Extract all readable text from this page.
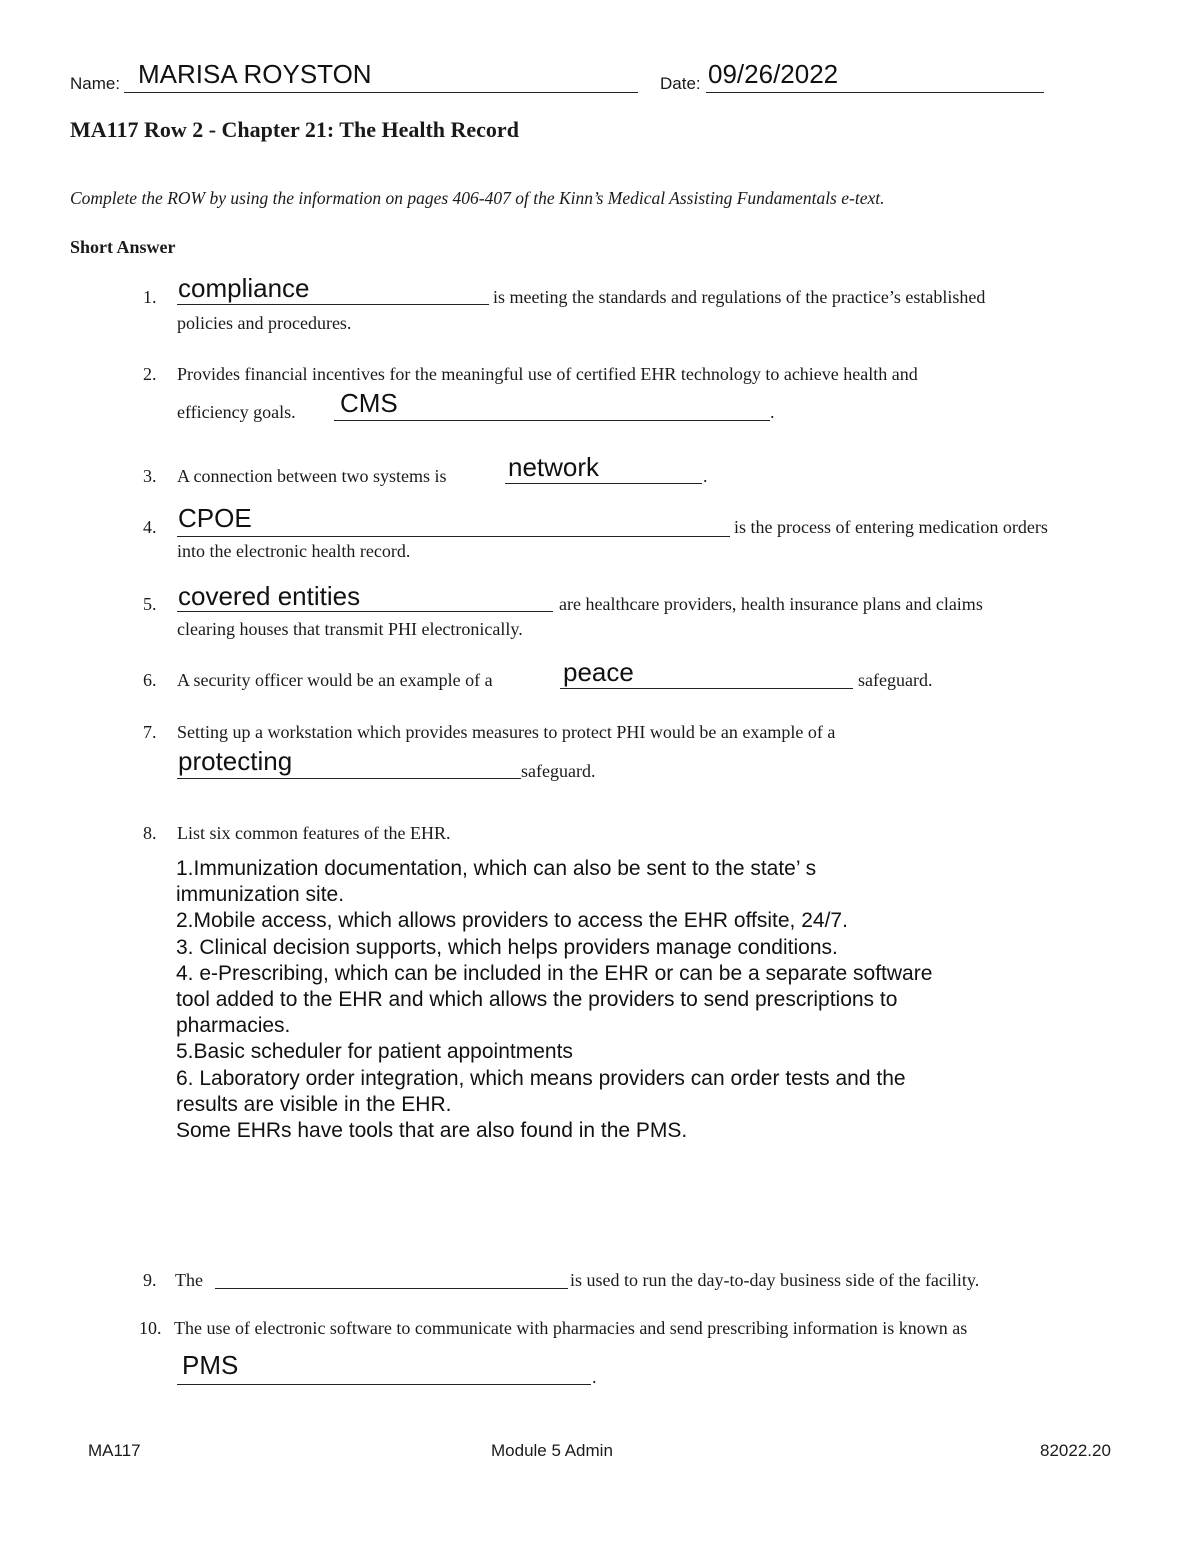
Name: MARISA ROYSTON	Date: 09/26/2022
MA117 Row 2 - Chapter 21: The Health Record
Complete the ROW by using the information on pages 406-407 of the Kinn’s Medical Assisting Fundamentals e-text.
Short Answer
1. compliance	is meeting the standards and regulations of the practice’s established
policies and procedures.
2. Provides financial incentives for the meaningful use of certified EHR technology to achieve health and
efficiency goals. CMS	.
3. A connection between two systems is network	.
4. CPOE	is the process of entering medication orders
into the electronic health record.
5. covered entities	are healthcare providers, health insurance plans and claims
clearing houses that transmit PHI electronically.
6. A security officer would be an example of a	peace	safeguard.
7. Setting up a workstation which provides measures to protect PHI would be an example of a
protecting	safeguard.
8. List six common features of the EHR.
1.Immunization documentation, which can also be sent to the state’ s
immunization site.
2.Mobile access, which allows providers to access the EHR offsite, 24/7.
3. Clinical decision supports, which helps providers manage conditions.
4. e-Prescribing, which can be included in the EHR or can be a separate software
tool added to the EHR and which allows the providers to send prescriptions to
pharmacies.
5.Basic scheduler for patient appointments
6. Laboratory order integration, which means providers can order tests and the
results are visible in the EHR.
Some EHRs have tools that are also found in the PMS.
9. The	is used to run the day-to-day business side of the facility.
10. The use of electronic software to communicate with pharmacies and send prescribing information is known as
PMS	.
MA117	Module 5 Admin	82022.20
